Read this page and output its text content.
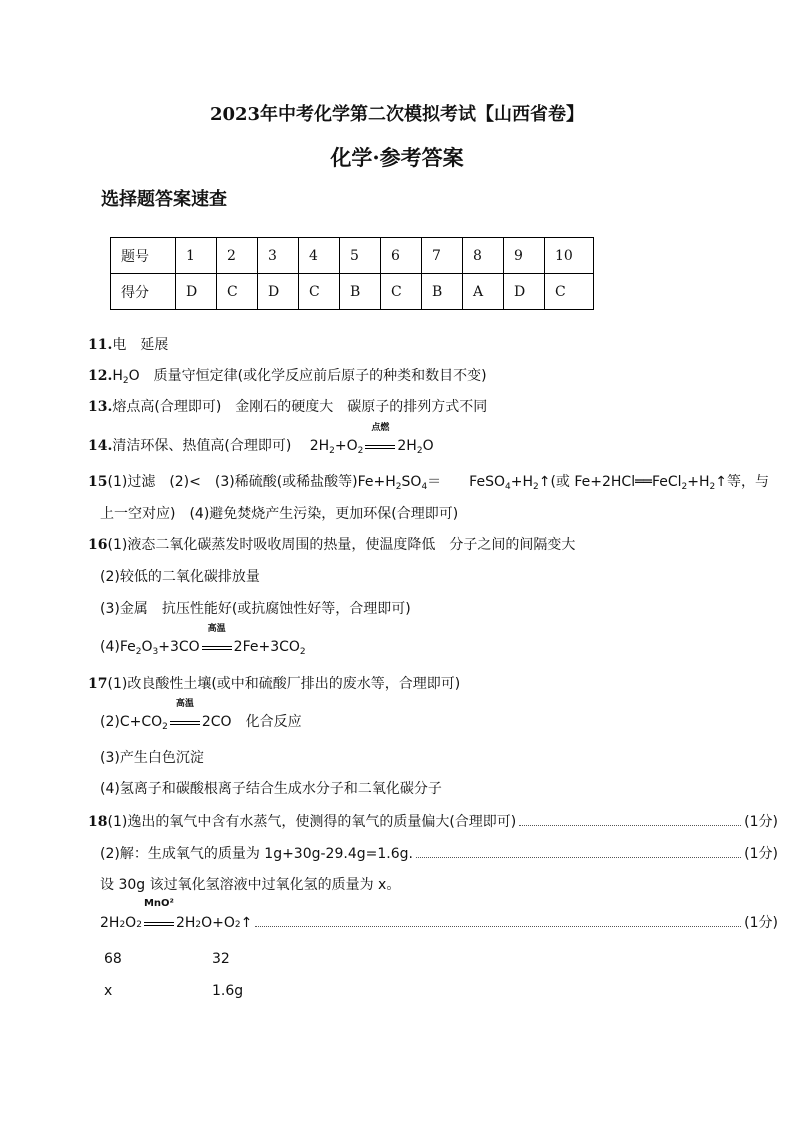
2023年中考化学第二次模拟考试【山西省卷】
化学·参考答案
选择题答案速查
题号	1	2	3	4	5	6	7	8	9	10
得分	D	C	D	C	B	C	B	A	D	C
11.电　延展
$12.H_2O$　质量守恒定律(或化学反应前后原子的种类和数目不变)
13.熔点高(合理即可)　金刚石的硬度大　碳原子的排列方式不同
14.清洁环保、热值高(合理即可)　 $2H_2+O_2$
点燃
$2H_2O$
15(1)过滤　(2)<　(3)稀硫酸(或稀盐酸等)$Fe+H_2SO_4=$　　$FeSO_4+H_2↑$(或 $Fe+2HCl══FeCl_2+H_2↑$等，与
上一空对应)　(4)避免焚烧产生污染，更加环保(合理即可)
16(1)液态二氧化碳蒸发时吸收周围的热量，使温度降低　分子之间的间隔变大
(2)较低的二氧化碳排放量
(3)金属　抗压性能好(或抗腐蚀性好等，合理即可)
$(4)Fe_2O_3+3CO$
高温
$2Fe+3CO_2$
17(1)改良酸性土壤(或中和硫酸厂排出的废水等，合理即可)
$(2)C+CO_2$
高温
2CO　化合反应
(3)产生白色沉淀
(4)氢离子和碳酸根离子结合生成水分子和二氧化碳分子
18 (1)逸出的氧气中含有水蒸气，使测得的氧气的质量偏大(合理即可)	(1分)
(2)解：生成氧气的质量为 1g+30g-29.4g=1.6g.	(1分)
设 30g 该过氧化氢溶液中过氧化氢的质量为 x。
2H 2 O 2
MnO²
2H 2 O+O 2 ↑	(1分)
68	32
x	1.6g
